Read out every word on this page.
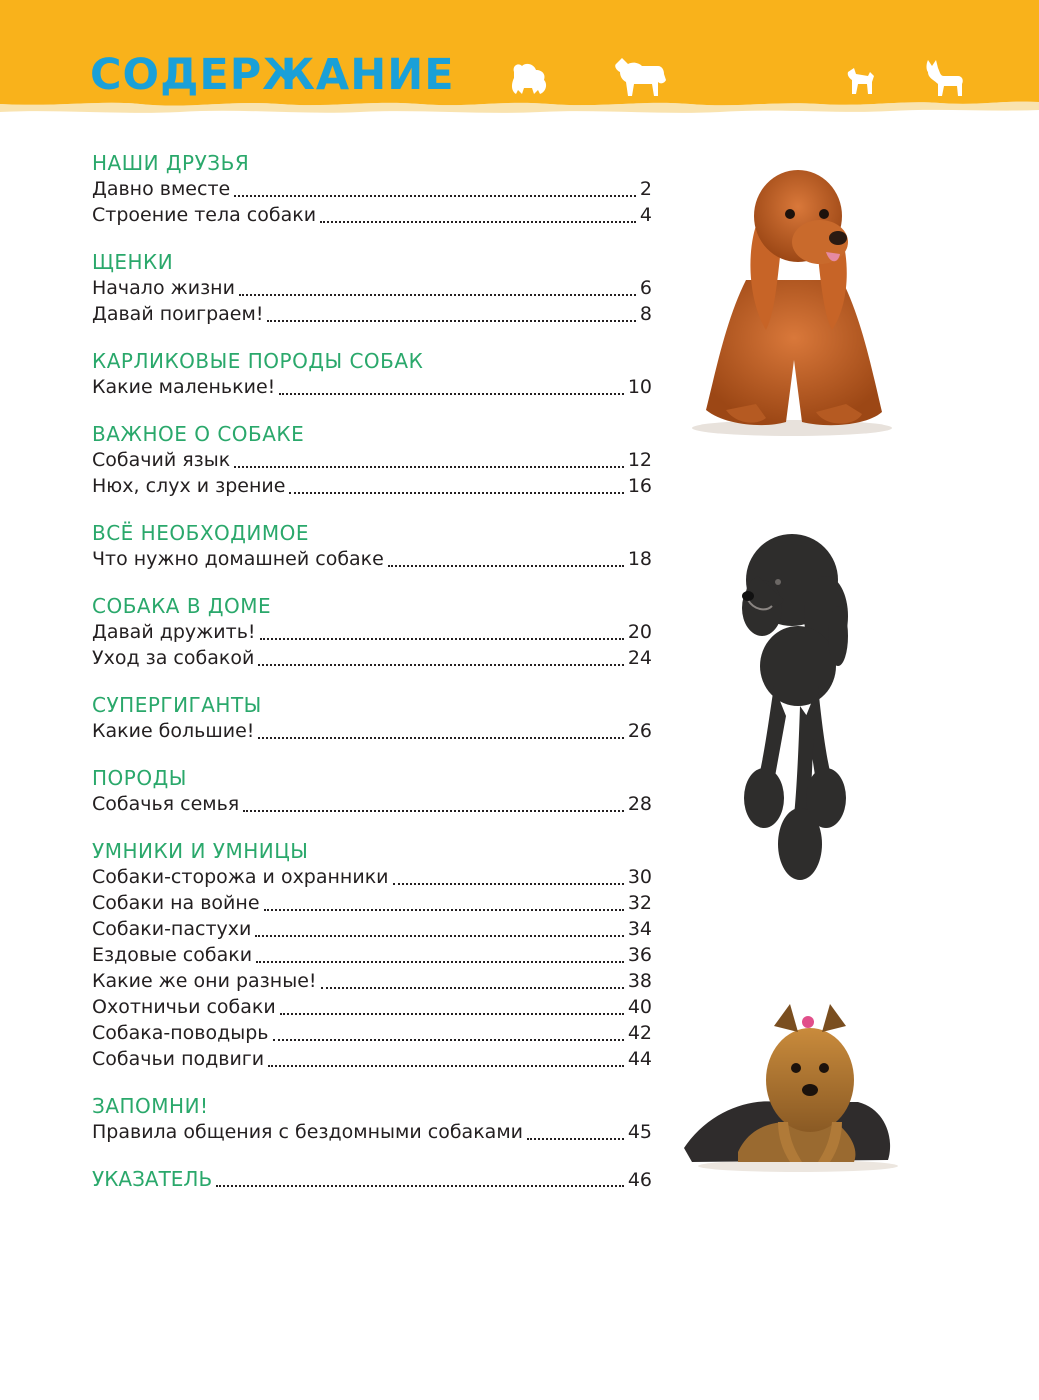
СОДЕРЖАНИЕ
НАШИ ДРУЗЬЯ
Давно вместе	2
Строение тела собаки	4
ЩЕНКИ
Начало жизни	6
Давай поиграем!	8
КАРЛИКОВЫЕ ПОРОДЫ СОБАК
Какие маленькие!	10
ВАЖНОЕ О СОБАКЕ
Собачий язык	12
Нюх, слух и зрение	16
ВСЁ НЕОБХОДИМОЕ
Что нужно домашней собаке	18
СОБАКА В ДОМЕ
Давай дружить!	20
Уход за собакой	24
СУПЕРГИГАНТЫ
Какие большие!	26
ПОРОДЫ
Собачья семья	28
УМНИКИ И УМНИЦЫ
Собаки-сторожа и охранники	30
Собаки на войне	32
Собаки-пастухи	34
Ездовые собаки	36
Какие же они разные!	38
Охотничьи собаки	40
Собака-поводырь	42
Собачьи подвиги	44
ЗАПОМНИ!
Правила общения с бездомными собаками	45
УКАЗАТЕЛЬ	46
